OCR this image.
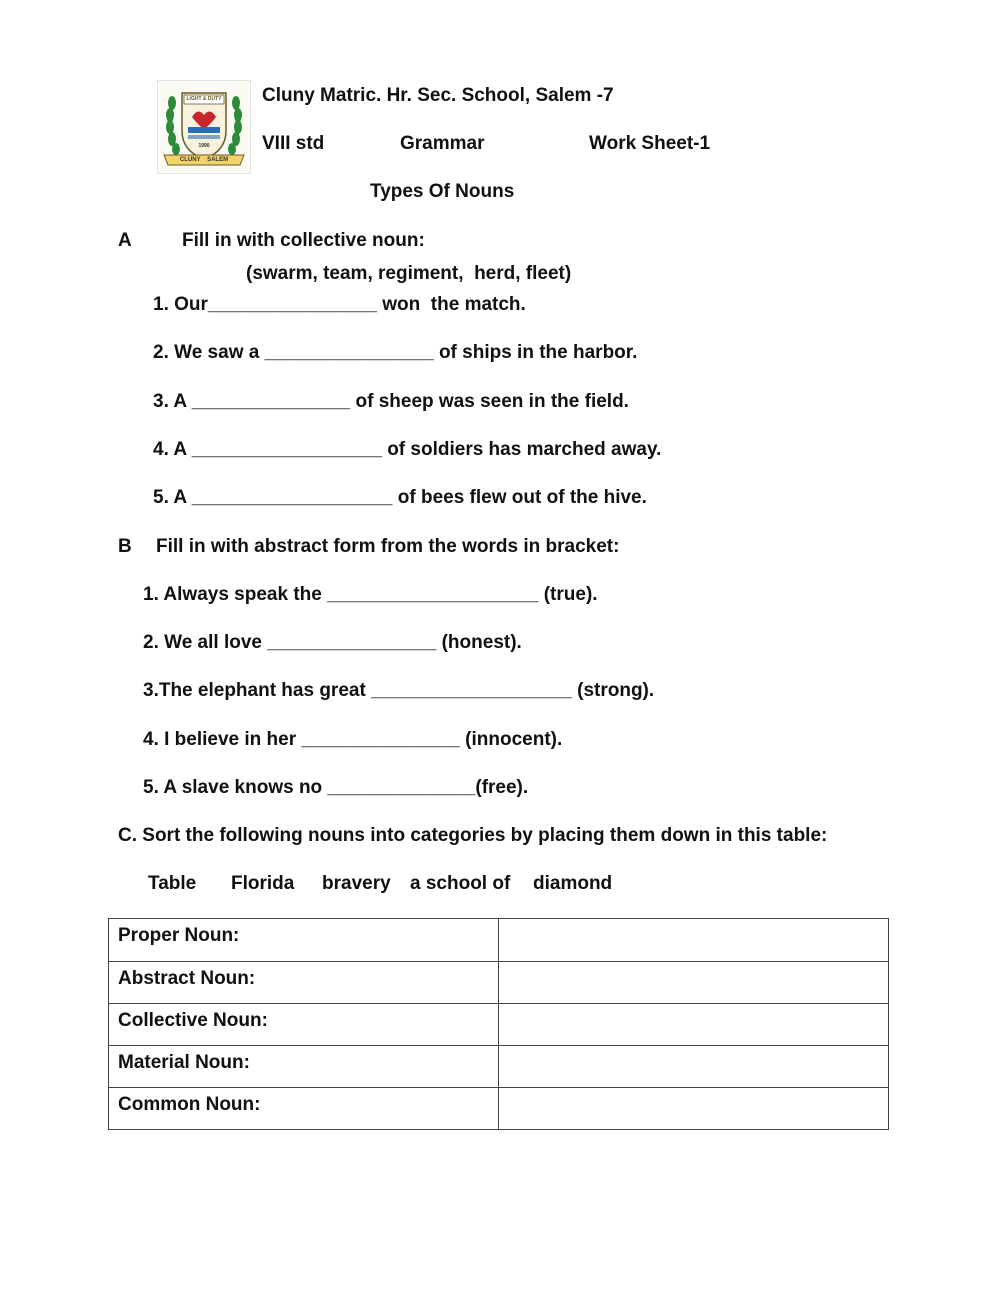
LIGHT & DUTY
1990
CLUNY    SALEM
Cluny Matric. Hr. Sec. School, Salem -7
VIII std	Grammar	Work Sheet-1
Types Of Nouns
A	Fill in with collective noun:
(swarm, team, regiment,  herd, fleet)
1. Our________________ won  the match.
2. We saw a ________________ of ships in the harbor.
3. A _______________ of sheep was seen in the field.
4. A __________________ of soldiers has marched away.
5. A ___________________ of bees flew out of the hive.
B Fill in with abstract form from the words in bracket:
1. Always speak the ____________________ (true).
2. We all love ________________ (honest).
3.The elephant has great ___________________ (strong).
4. I believe in her _______________ (innocent).
5. A slave knows no ______________(free).
C. Sort the following nouns into categories by placing them down in this table:
Table Florida bravery a school of diamond
Proper Noun:	
Abstract Noun:	
Collective Noun:	
Material Noun:	
Common Noun:	
